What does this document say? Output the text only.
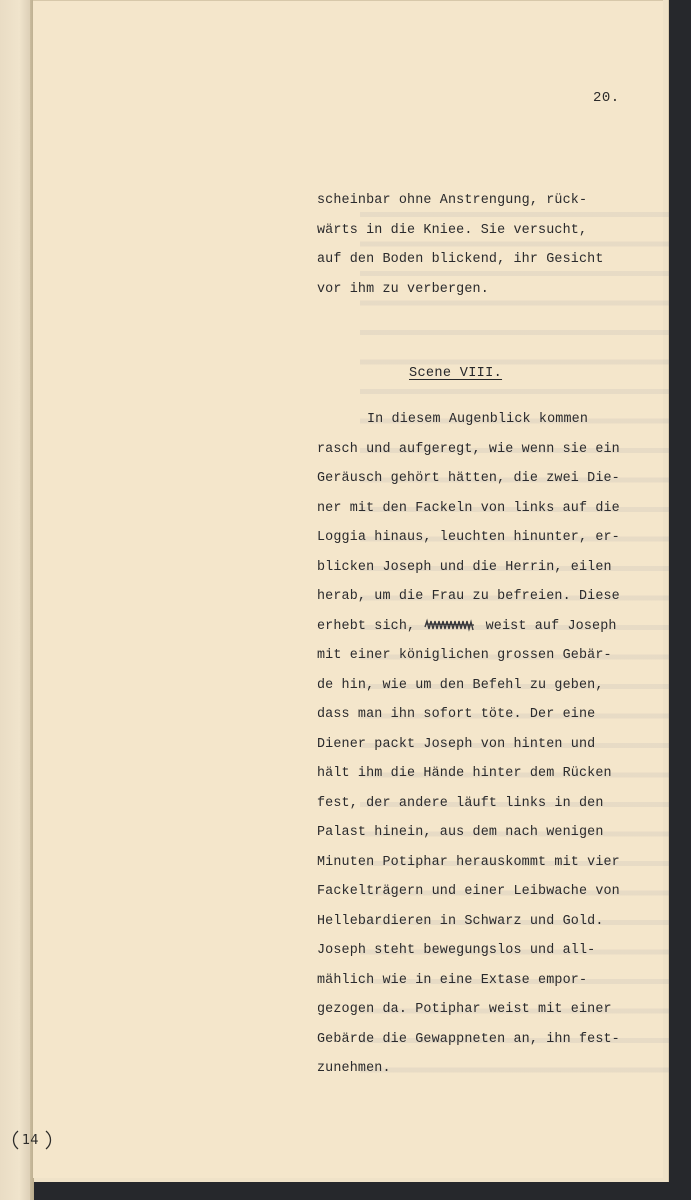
20.
scheinbar ohne Anstrengung, rück-
wärts in die Kniee. Sie versucht,
auf den Boden blickend, ihr Gesicht
vor ihm zu verbergen.
Scene VIII.
In diesem Augenblick kommen
rasch und aufgeregt, wie wenn sie ein
Geräusch gehört hätten, die zwei Die-
ner mit den Fackeln von links auf die
Loggia hinaus, leuchten hinunter, er-
blicken Joseph und die Herrin, eilen
herab, um die Frau zu befreien. Diese
erhebt sich,	weist auf Joseph
mit einer königlichen grossen Gebär-
de hin, wie um den Befehl zu geben,
dass man ihn sofort töte. Der eine
Diener packt Joseph von hinten und
hält ihm die Hände hinter dem Rücken
fest, der andere läuft links in den
Palast hinein, aus dem nach wenigen
Minuten Potiphar herauskommt mit vier
Fackelträgern und einer Leibwache von
Hellebardieren in Schwarz und Gold.
Joseph steht bewegungslos und all-
mählich wie in eine Extase empor-
gezogen da. Potiphar weist mit einer
Gebärde die Gewappneten an, ihn fest-
zunehmen.
14
